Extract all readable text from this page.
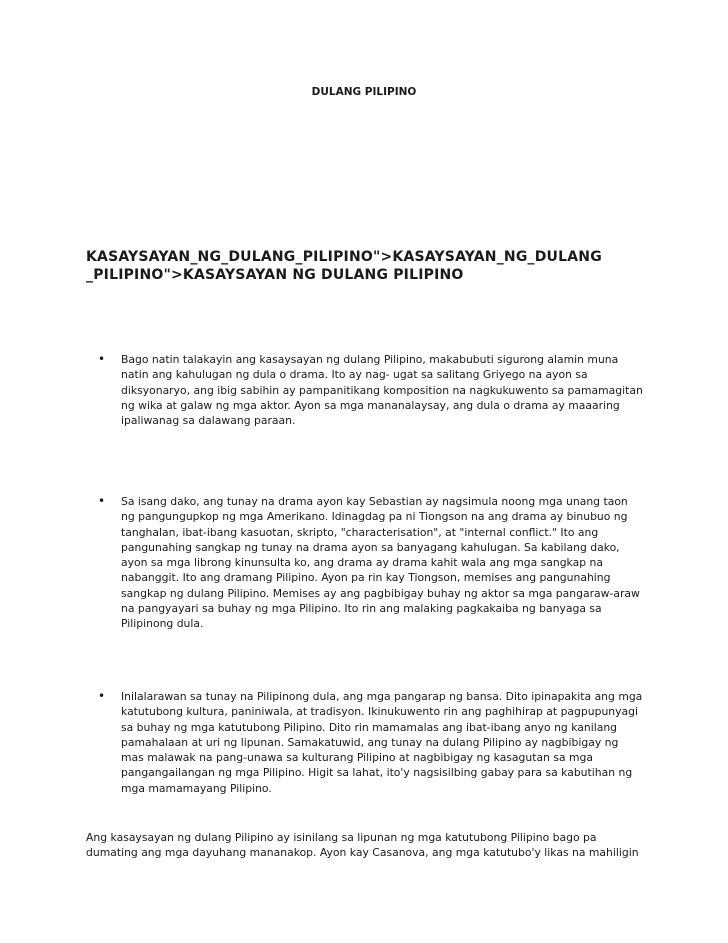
DULANG PILIPINO
KASAYSAYAN_NG_DULANG_PILIPINO">KASAYSAYAN_NG_DULANG
_PILIPINO">KASAYSAYAN NG DULANG PILIPINO
• Bago natin talakayin ang kasaysayan ng dulang Pilipino, makabubuti sigurong alamin muna
natin ang kahulugan ng dula o drama. Ito ay nag- ugat sa salitang Griyego na ayon sa
diksyonaryo, ang ibig sabihin ay pampanitikang komposition na nagkukuwento sa pamamagitan
ng wika at galaw ng mga aktor. Ayon sa mga mananalaysay, ang dula o drama ay maaaring
ipaliwanag sa dalawang paraan.
• Sa isang dako, ang tunay na drama ayon kay Sebastian ay nagsimula noong mga unang taon
ng pangungupkop ng mga Amerikano. Idinagdag pa ni Tiongson na ang drama ay binubuo ng
tanghalan, ibat-ibang kasuotan, skripto, "characterisation", at "internal conflict." Ito ang
pangunahing sangkap ng tunay na drama ayon sa banyagang kahulugan. Sa kabilang dako,
ayon sa mga librong kinunsulta ko, ang drama ay drama kahit wala ang mga sangkap na
nabanggit. Ito ang dramang Pilipino. Ayon pa rin kay Tiongson, memises ang pangunahing
sangkap ng dulang Pilipino. Memises ay ang pagbibigay buhay ng aktor sa mga pangaraw-araw
na pangyayari sa buhay ng mga Pilipino. Ito rin ang malaking pagkakaiba ng banyaga sa
Pilipinong dula.
• Inilalarawan sa tunay na Pilipinong dula, ang mga pangarap ng bansa. Dito ipinapakita ang mga
katutubong kultura, paniniwala, at tradisyon. Ikinukuwento rin ang paghihirap at pagpupunyagi
sa buhay ng mga katutubong Pilipino. Dito rin mamamalas ang ibat-ibang anyo ng kanilang
pamahalaan at uri ng lipunan. Samakatuwid, ang tunay na dulang Pilipino ay nagbibigay ng
mas malawak na pang-unawa sa kulturang Pilipino at nagbibigay ng kasagutan sa mga
pangangailangan ng mga Pilipino. Higit sa lahat, ito'y nagsisilbing gabay para sa kabutihan ng
mga mamamayang Pilipino.
Ang kasaysayan ng dulang Pilipino ay isinilang sa lipunan ng mga katutubong Pilipino bago pa
dumating ang mga dayuhang mananakop. Ayon kay Casanova, ang mga katutubo'y likas na mahiligin
